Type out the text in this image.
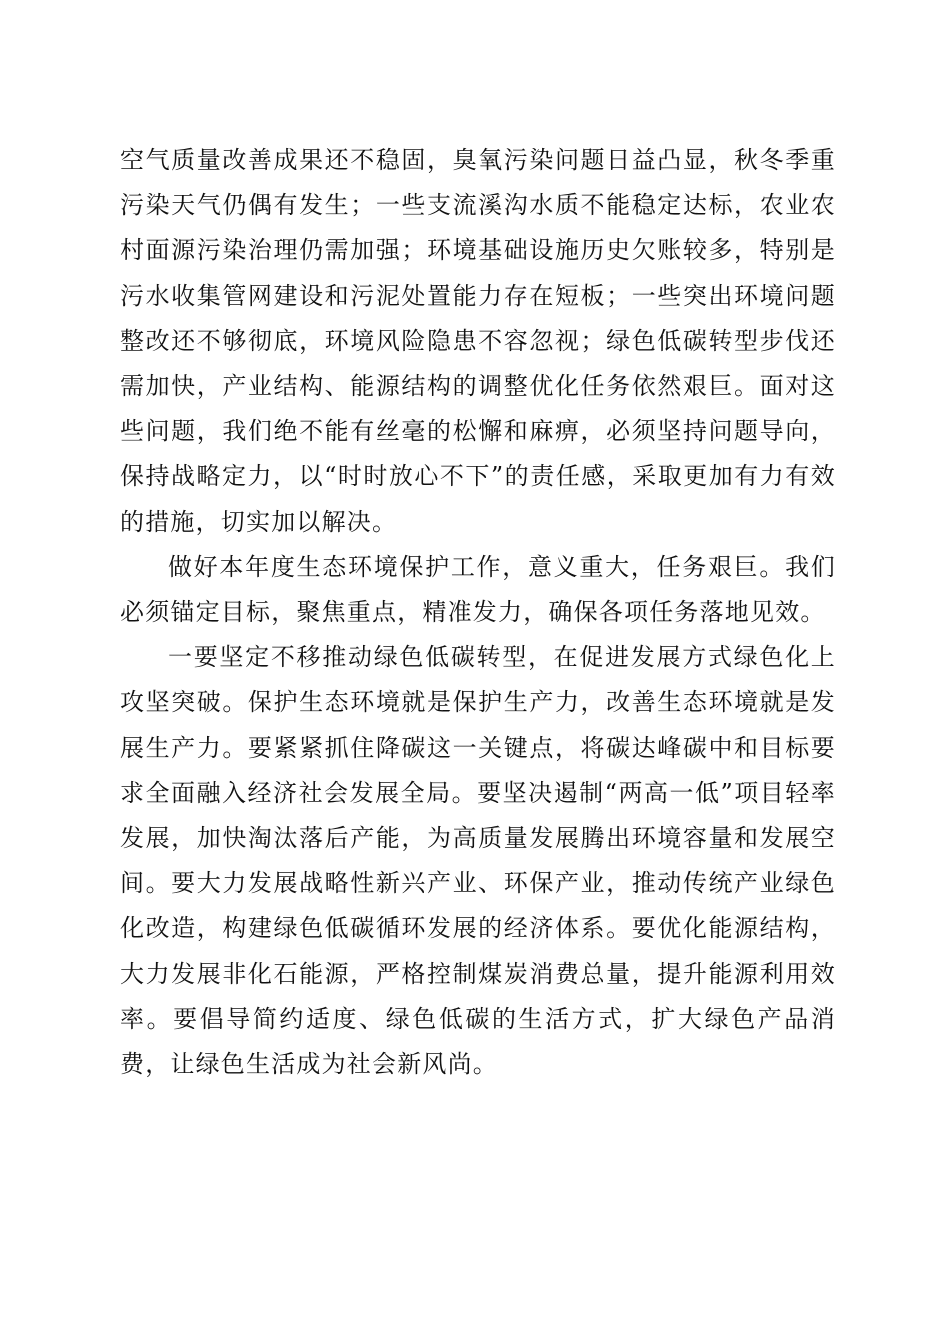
空气质量改善成果还不稳固，臭氧污染问题日益凸显，秋冬季重污染天气仍偶有发生；一些支流溪沟水质不能稳定达标，农业农村面源污染治理仍需加强；环境基础设施历史欠账较多，特别是污水收集管网建设和污泥处置能力存在短板；一些突出环境问题整改还不够彻底，环境风险隐患不容忽视；绿色低碳转型步伐还需加快，产业结构、能源结构的调整优化任务依然艰巨。面对这些问题，我们绝不能有丝毫的松懈和麻痹，必须坚持问题导向，保持战略定力，以“时时放心不下”的责任感，采取更加有力有效的措施，切实加以解决。

做好本年度生态环境保护工作，意义重大，任务艰巨。我们必须锚定目标，聚焦重点，精准发力，确保各项任务落地见效。

一要坚定不移推动绿色低碳转型，在促进发展方式绿色化上攻坚突破。保护生态环境就是保护生产力，改善生态环境就是发展生产力。要紧紧抓住降碳这一关键点，将碳达峰碳中和目标要求全面融入经济社会发展全局。要坚决遏制“两高一低”项目轻率发展，加快淘汰落后产能，为高质量发展腾出环境容量和发展空间。要大力发展战略性新兴产业、环保产业，推动传统产业绿色化改造，构建绿色低碳循环发展的经济体系。要优化能源结构，大力发展非化石能源，严格控制煤炭消费总量，提升能源利用效率。要倡导简约适度、绿色低碳的生活方式，扩大绿色产品消费，让绿色生活成为社会新风尚。
